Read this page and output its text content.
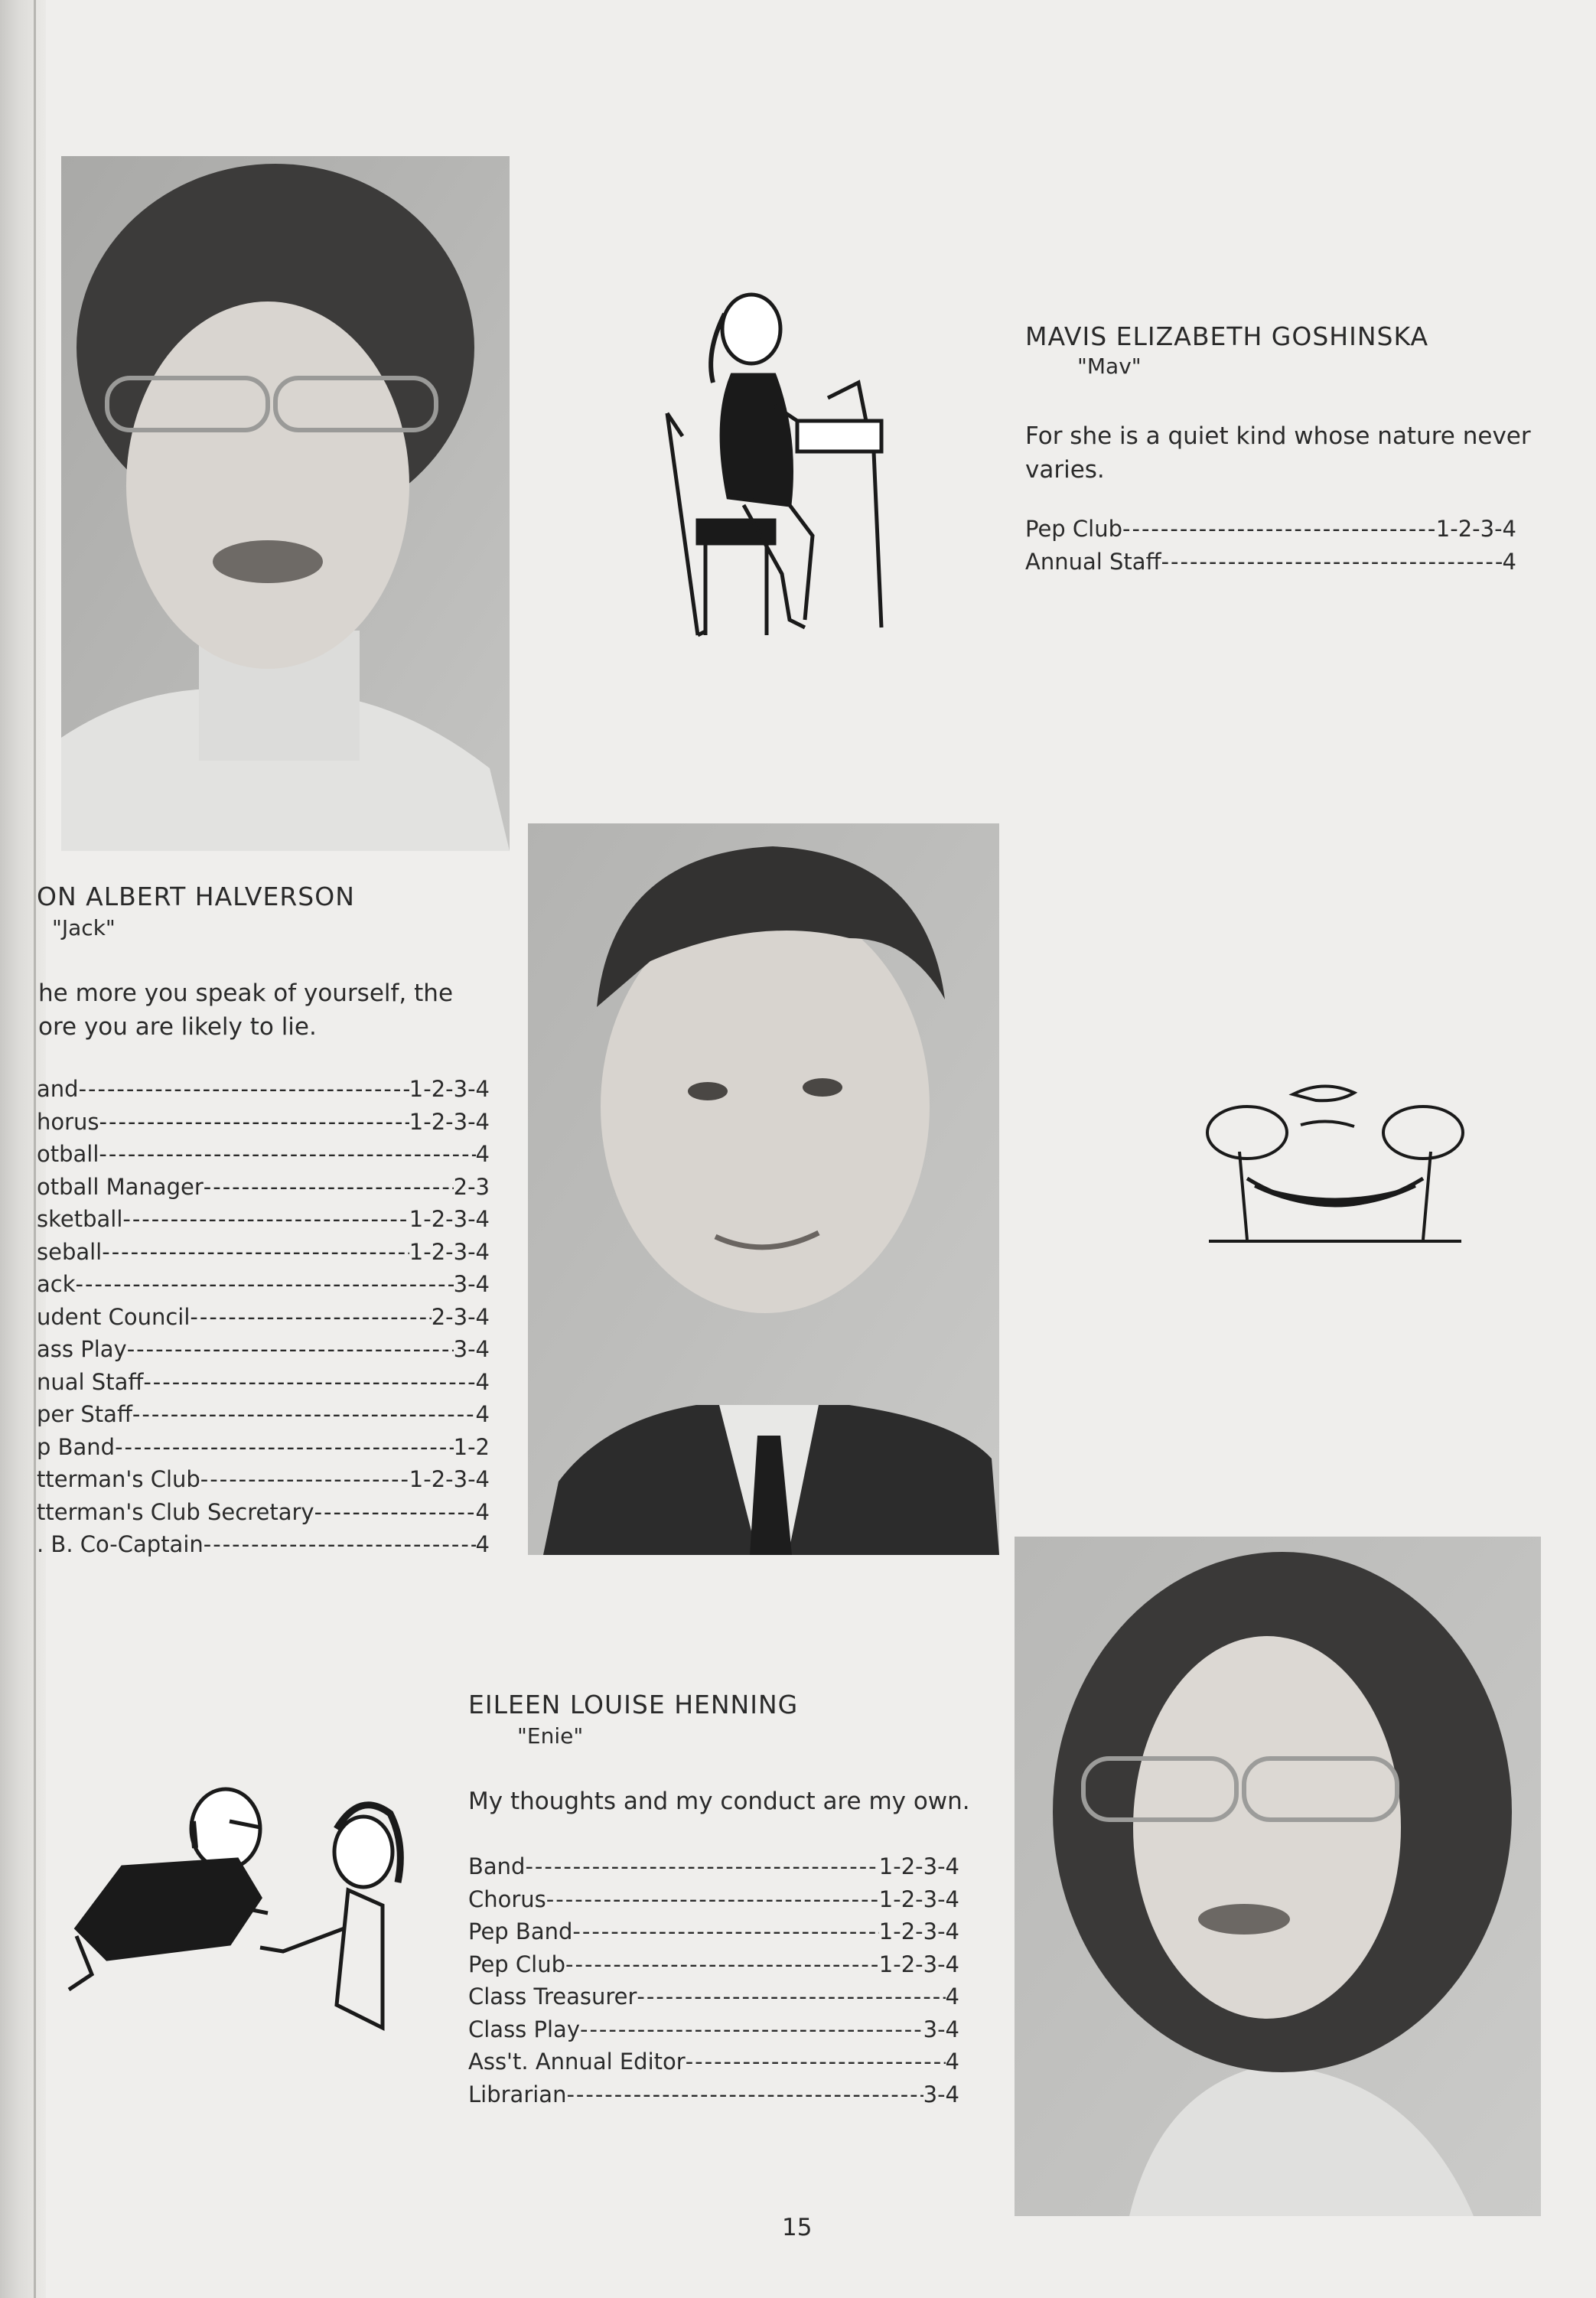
MAVIS ELIZABETH GOSHINSKA
"Mav"
For she is a quiet kind whose nature never varies.
Pep Club -----	1-2-3-4
Annual Staff -----	4
ON ALBERT HALVERSON
"Jack"
he more you speak of yourself, the
ore you are likely to lie.
and -----	1-2-3-4
horus -----	1-2-3-4
otball -----	4
otball Manager -----	2-3
sketball -----	1-2-3-4
seball -----	1-2-3-4
ack -----	3-4
udent Council -----	2-3-4
ass Play -----	3-4
nual Staff -----	4
per Staff -----	4
p Band -----	1-2
tterman's Club -----	1-2-3-4
tterman's Club Secretary -----	4
. B. Co-Captain -----	4
EILEEN LOUISE HENNING
"Enie"
My thoughts and my conduct are my own.
Band -----	1-2-3-4
Chorus -----	1-2-3-4
Pep Band -----	1-2-3-4
Pep Club -----	1-2-3-4
Class Treasurer -----	4
Class Play -----	3-4
Ass't. Annual Editor -----	4
Librarian -----	3-4
15
